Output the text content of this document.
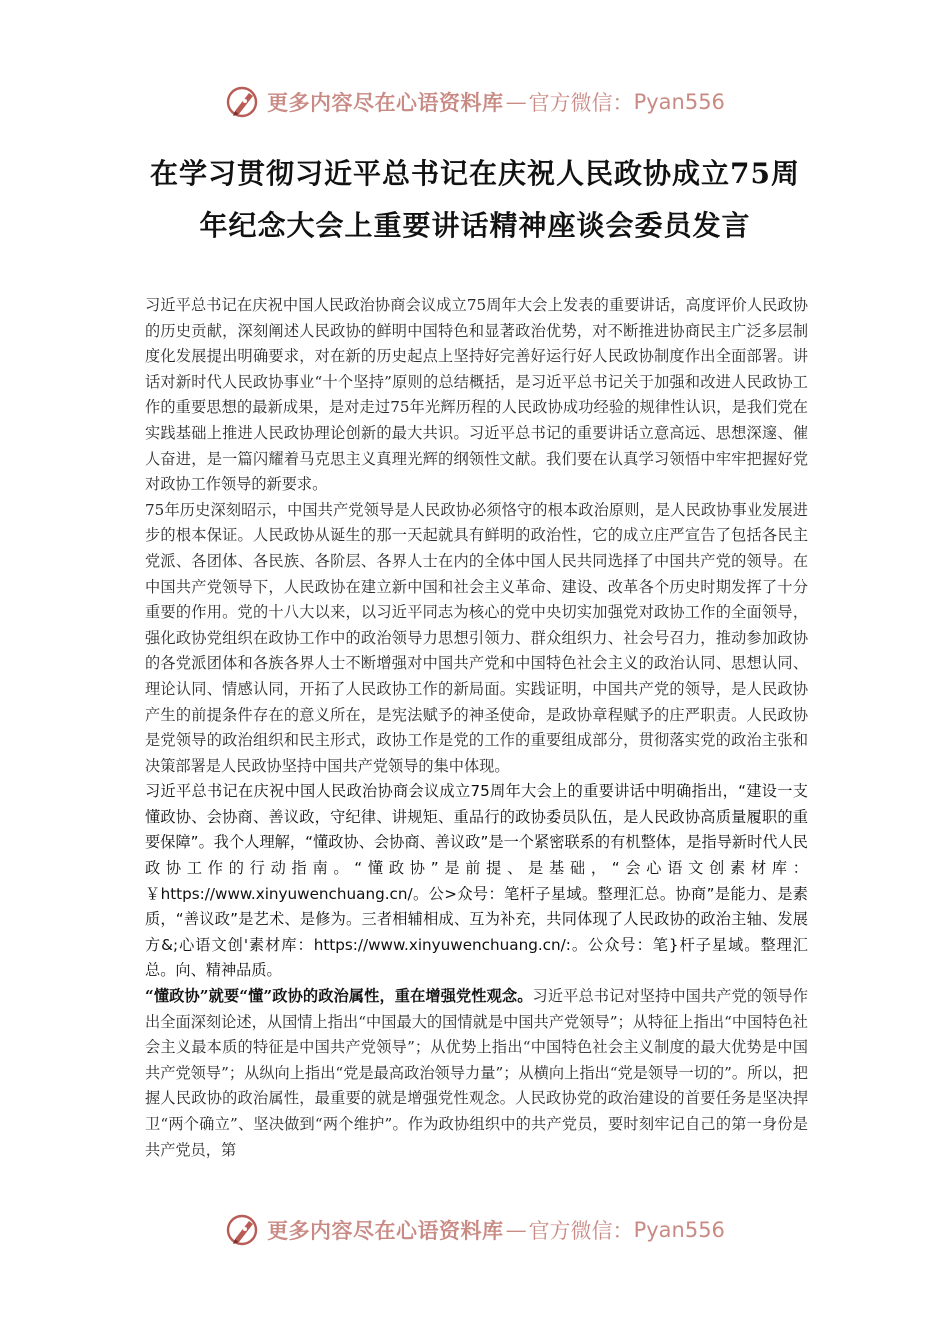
更多内容尽在心语资料库 — 官方微信： Pyan556
在学习贯彻习近平总书记在庆祝人民政协成立75周
年纪念大会上重要讲话精神座谈会委员发言

习近平总书记在庆祝中国人民政治协商会议成立75周年大会上发表的重要讲话，高度评价人民政协的历史贡献，深刻阐述人民政协的鲜明中国特色和显著政治优势，对不断推进协商民主广泛多层制度化发展提出明确要求，对在新的历史起点上坚持好完善好运行好人民政协制度作出全面部署。讲话对新时代人民政协事业“十个坚持”原则的总结概括，是习近平总书记关于加强和改进人民政协工作的重要思想的最新成果，是对走过75年光辉历程的人民政协成功经验的规律性认识，是我们党在实践基础上推进人民政协理论创新的最大共识。习近平总书记的重要讲话立意高远、思想深邃、催人奋进，是一篇闪耀着马克思主义真理光辉的纲领性文献。我们要在认真学习领悟中牢牢把握好党对政协工作领导的新要求。

75年历史深刻昭示，中国共产党领导是人民政协必须恪守的根本政治原则，是人民政协事业发展进步的根本保证。人民政协从诞生的那一天起就具有鲜明的政治性，它的成立庄严宣告了包括各民主党派、各团体、各民族、各阶层、各界人士在内的全体中国人民共同选择了中国共产党的领导。在中国共产党领导下，人民政协在建立新中国和社会主义革命、建设、改革各个历史时期发挥了十分重要的作用。党的十八大以来，以习近平同志为核心的党中央切实加强党对政协工作的全面领导，强化政协党组织在政协工作中的政治领导力思想引领力、群众组织力、社会号召力，推动参加政协的各党派团体和各族各界人士不断增强对中国共产党和中国特色社会主义的政治认同、思想认同、理论认同、情感认同，开拓了人民政协工作的新局面。实践证明，中国共产党的领导，是人民政协产生的前提条件存在的意义所在，是宪法赋予的神圣使命，是政协章程赋予的庄严职责。人民政协是党领导的政治组织和民主形式，政协工作是党的工作的重要组成部分，贯彻落实党的政治主张和决策部署是人民政协坚持中国共产党领导的集中体现。

习近平总书记在庆祝中国人民政治协商会议成立75周年大会上的重要讲话中明确指出，“建设一支懂政协、会协商、善议政，守纪律、讲规矩、重品行的政协委员队伍，是人民政协高质量履职的重要保障”。我个人理解，“懂政协、会协商、善议政”是一个紧密联系的有机整体，是指导新时代人民政协工作的行动指南。“懂政协”是前提、是基础，“会心语文创素材库：￥https://www.xinyuwenchuang.cn/。公>众号：笔杆子星域。整理汇总。协商”是能力、是素质，“善议政”是艺术、是修为。三者相辅相成、互为补充，共同体现了人民政协的政治主轴、发展方&;心语文创'素材库：https://www.xinyuwenchuang.cn/:。公众号：笔}杆子星域。整理汇总。向、精神品质。

“懂政协”就要“懂”政协的政治属性，重在增强党性观念。习近平总书记对坚持中国共产党的领导作出全面深刻论述，从国情上指出“中国最大的国情就是中国共产党领导”；从特征上指出“中国特色社会主义最本质的特征是中国共产党领导”；从优势上指出“中国特色社会主义制度的最大优势是中国共产党领导”；从纵向上指出“党是最高政治领导力量”；从横向上指出“党是领导一切的”。所以，把握人民政协的政治属性，最重要的就是增强党性观念。人民政协党的政治建设的首要任务是坚决捍卫“两个确立”、坚决做到“两个维护”。作为政协组织中的共产党员，要时刻牢记自己的第一身份是共产党员，第

更多内容尽在心语资料库 — 官方微信： Pyan556
